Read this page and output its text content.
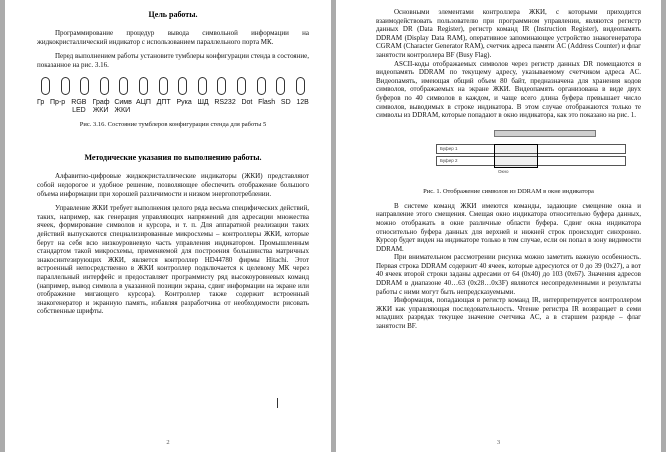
Цель работы.

Программирование процедур вывода символьной информации на жидкокристаллический индикатор с использованием параллельного порта МК.

Перед выполнением работы установите тумблеры конфигурации стенда в состояние, показанное на рис. 3.16.

Гр Пр-р RGB LED
Граф ЖКИ
Симв ЖКИ
АЦП ДПТ Рука ШД RS232 Dot Flash SD 12В

Рис. 3.16. Состояние тумблеров конфигурации стенда для работы 5

Методические указания по выполнению работы.

Алфавитно-цифровые жидкокристаллические индикаторы (ЖКИ) представляют собой недорогое и удобное решение, позволяющее обеспечить отображение большого объема информации при хорошей различимости и низком энергопотреблении.

Управление ЖКИ требует выполнения целого ряда весьма специфических действий, таких, например, как генерация управляющих напряжений для адресации множества ячеек, формирование символов и курсора, и т. п. Для аппаратной реализации таких действий выпускаются специализированные микросхемы – контроллеры ЖКИ, которые берут на себя всю низкоуровневую часть управления индикатором. Промышленным стандартом такой микросхемы, применяемой для построения большинства матричных знакосинтезирующих ЖКИ, является контроллер HD44780 фирмы Hitachi. Этот встроенный непосредственно в ЖКИ контроллер подключается к целевому МК через параллельный интерфейс и предоставляет программисту ряд высокоуровневых команд (например, вывод символа в указанной позиции экрана, сдвиг информации на экране или отображение мигающего курсора). Контроллер также содержит встроенный знакогенератор и экранную память, избавляя разработчика от необходимости рисовать собственные шрифты.

2

Основными элементами контроллера ЖКИ, с которыми приходится взаимодействовать пользователю при программном управлении, являются регистр данных DR (Data Register), регистр команд IR (Instruction Register), видеопамять DDRAM (Display Data RAM), оперативное запоминающее устройство знакогенератора CGRAM (Character Generator RAM), счетчик адреса памяти AC (Address Counter) и флаг занятости контроллера BF (Busy Flag).

ASCII-коды отображаемых символов через регистр данных DR помещаются в видеопамять DDRAM по текущему адресу, указываемому счетчиком адреса AC. Видеопамять, имеющая общий объем 80 байт, предназначена для хранения кодов символов, отображаемых на экране ЖКИ. Видеопамять организована в виде двух буферов по 40 символов в каждом, и чаще всего длина буфера превышает число символов, выводимых в строке индикатора. В этом случае отображаются только те символы из DDRAM, которые попадают в окно индикатора, как это показано на рис. 1.

Буфер 1
Буфер 2
Окно

Рис. 1. Отображение символов из DDRAM в окне индикатора

В системе команд ЖКИ имеются команды, задающие смещение окна и направление этого смещения. Смещая окно индикатора относительно буфера данных, можно отображать в окне различные области буфера. Сдвиг окна индикатора относительно буфера данных для верхней и нижней строк происходит синхронно. Курсор будет виден на индикаторе только в том случае, если он попал в зону видимости DDRAM.

При внимательном рассмотрении рисунка можно заметить важную особенность. Первая строка DDRAM содержит 40 ячеек, которые адресуются от 0 до 39 (0x27), а вот 40 ячеек второй строки заданы адресами от 64 (0x40) до 103 (0x67). Значения адресов DDRAM в диапазоне 40…63 (0x28…0x3F) являются несопределенными и результаты работы с ними могут быть непредсказуемыми.

Информация, попадающая в регистр команд IR, интерпретируется контроллером ЖКИ как управляющая последовательность. Чтение регистра IR возвращает в семи младших разрядах текущее значение счетчика AC, а в старшем разряде – флаг занятости BF.

3
